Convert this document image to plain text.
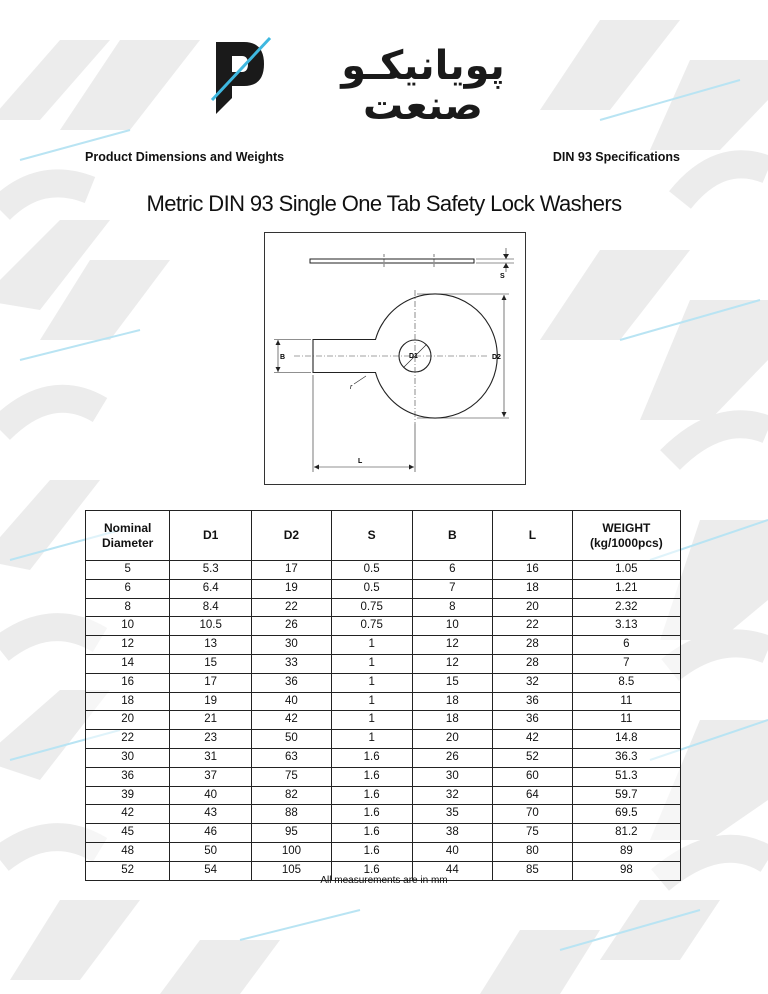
پویانیکـو صنعت
Product Dimensions and Weights	DIN 93 Specifications
Metric DIN 93 Single One Tab Safety Lock Washers
S
D1
B	D2
r
L
Nominal
Diameter	D1	D2	S	B	L	WEIGHT
(kg/1000pcs)
5	5.3	17	0.5	6	16	1.05
6	6.4	19	0.5	7	18	1.21
8	8.4	22	0.75	8	20	2.32
10	10.5	26	0.75	10	22	3.13
12	13	30	1	12	28	6
14	15	33	1	12	28	7
16	17	36	1	15	32	8.5
18	19	40	1	18	36	11
20	21	42	1	18	36	11
22	23	50	1	20	42	14.8
30	31	63	1.6	26	52	36.3
36	37	75	1.6	30	60	51.3
39	40	82	1.6	32	64	59.7
42	43	88	1.6	35	70	69.5
45	46	95	1.6	38	75	81.2
48	50	100	1.6	40	80	89
52	54	105	1.6	44	85	98
All measurements are in mm
